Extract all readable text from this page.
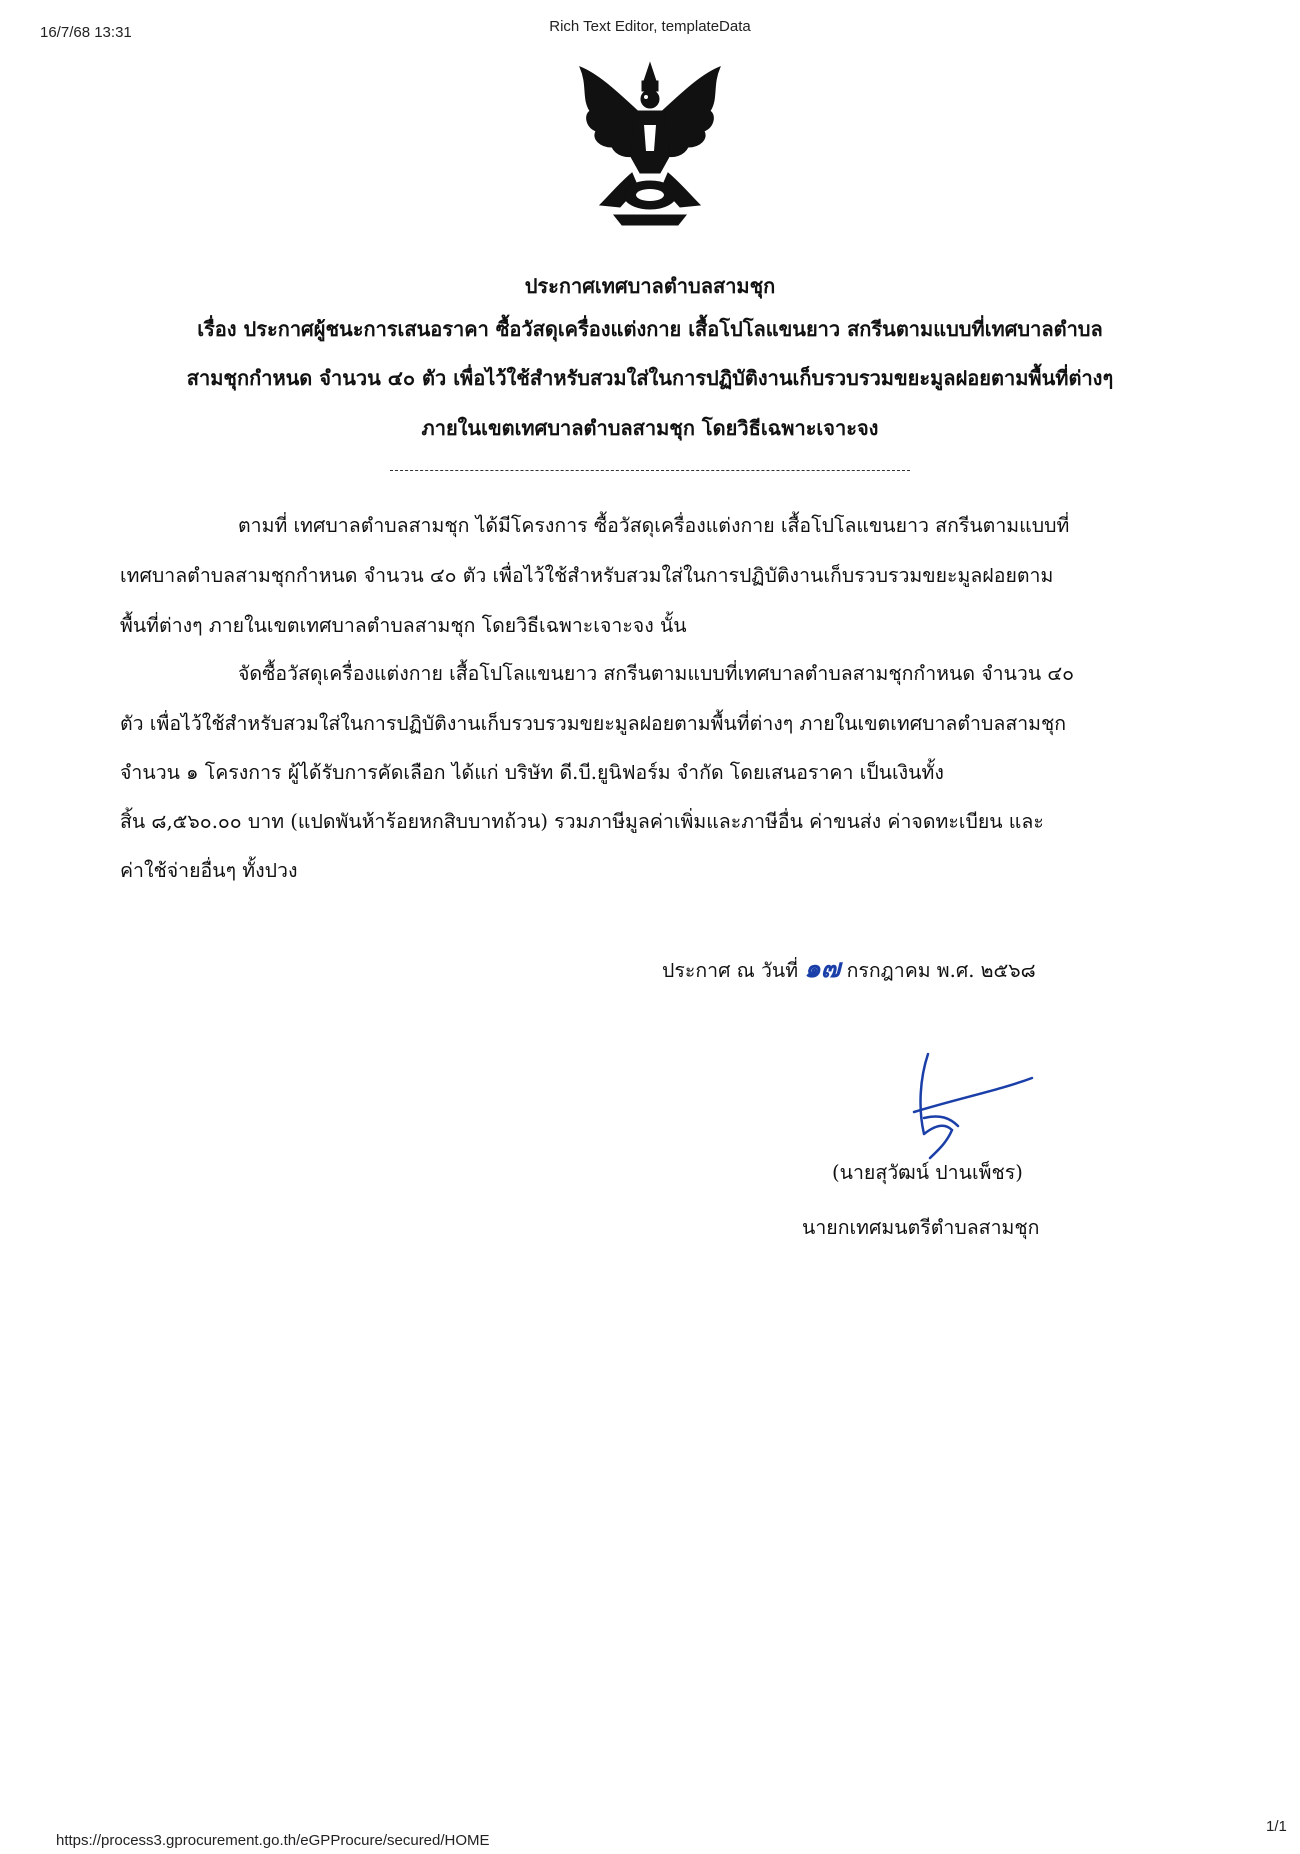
16/7/68 13:31	Rich Text Editor, templateData
ประกาศเทศบาลตำบลสามชุก
เรื่อง ประกาศผู้ชนะการเสนอราคา ซื้อวัสดุเครื่องแต่งกาย เสื้อโปโลแขนยาว สกรีนตามแบบที่เทศบาลตำบล
สามชุกกำหนด จำนวน ๔๐ ตัว เพื่อไว้ใช้สำหรับสวมใส่ในการปฏิบัติงานเก็บรวบรวมขยะมูลฝอยตามพื้นที่ต่างๆ
ภายในเขตเทศบาลตำบลสามชุก โดยวิธีเฉพาะเจาะจง
ตามที่ เทศบาลตำบลสามชุก ได้มีโครงการ ซื้อวัสดุเครื่องแต่งกาย เสื้อโปโลแขนยาว สกรีนตามแบบที่
เทศบาลตำบลสามชุกกำหนด จำนวน ๔๐ ตัว เพื่อไว้ใช้สำหรับสวมใส่ในการปฏิบัติงานเก็บรวบรวมขยะมูลฝอยตาม
พื้นที่ต่างๆ ภายในเขตเทศบาลตำบลสามชุก โดยวิธีเฉพาะเจาะจง นั้น
จัดซื้อวัสดุเครื่องแต่งกาย เสื้อโปโลแขนยาว สกรีนตามแบบที่เทศบาลตำบลสามชุกกำหนด จำนวน ๔๐
ตัว เพื่อไว้ใช้สำหรับสวมใส่ในการปฏิบัติงานเก็บรวบรวมขยะมูลฝอยตามพื้นที่ต่างๆ ภายในเขตเทศบาลตำบลสามชุก
จำนวน ๑ โครงการ ผู้ได้รับการคัดเลือก ได้แก่ บริษัท ดี.บี.ยูนิฟอร์ม จำกัด โดยเสนอราคา เป็นเงินทั้ง
สิ้น ๘,๕๖๐.๐๐ บาท (แปดพันห้าร้อยหกสิบบาทถ้วน) รวมภาษีมูลค่าเพิ่มและภาษีอื่น ค่าขนส่ง ค่าจดทะเบียน และ
ค่าใช้จ่ายอื่นๆ ทั้งปวง
ประกาศ ณ วันที่ ๑๗ กรกฎาคม พ.ศ. ๒๕๖๘
(นายสุวัฒน์ ปานเพ็ชร)
นายกเทศมนตรีตำบลสามชุก
https://process3.gprocurement.go.th/eGPProcure/secured/HOME
1/1
